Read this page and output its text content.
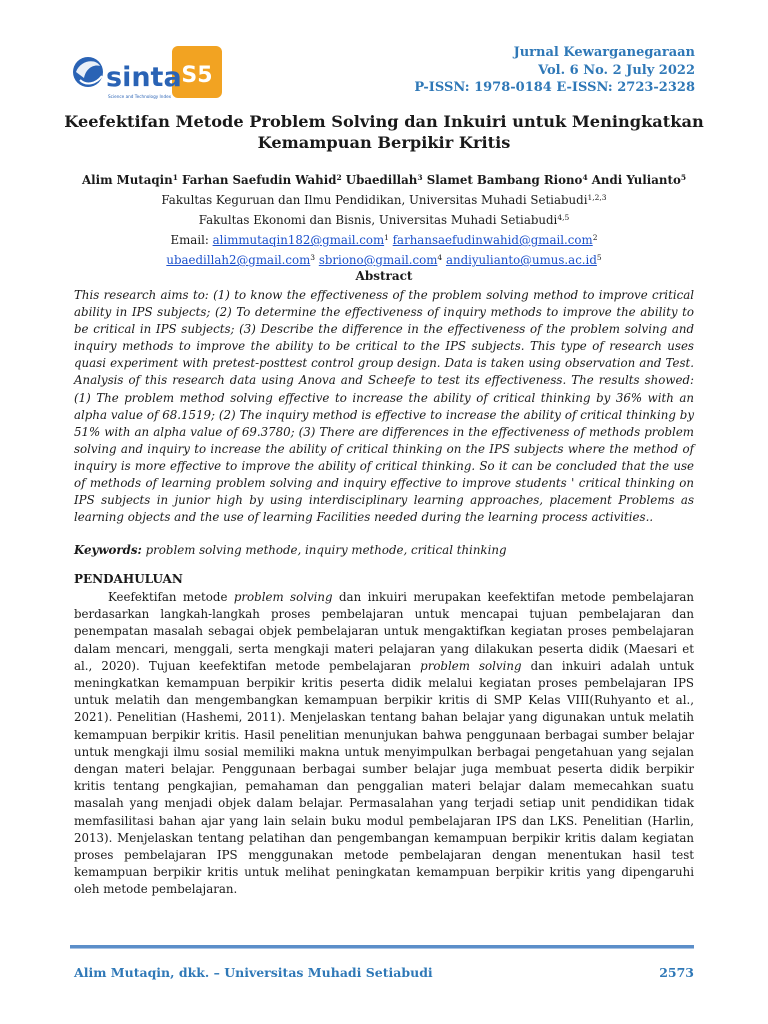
S5
sinta
Science and Technology Index
Jurnal Kewarganegaraan
Vol. 6 No. 2 July 2022
P-ISSN: 1978-0184 E-ISSN: 2723-2328
Keefektifan Metode Problem Solving dan Inkuiri untuk Meningkatkan Kemampuan Berpikir Kritis
Alim Mutaqin$^1$ Farhan Saefudin Wahid$^2$ Ubaedillah$^3$ Slamet Bambang Riono$^4$ Andi Yulianto$^5$
Fakultas Keguruan dan Ilmu Pendidikan, Universitas Muhadi Setiabudi$^{1,2,3}$
Fakultas Ekonomi dan Bisnis, Universitas Muhadi Setiabudi$^{4,5}$
Email: alimmutaqin182@gmail.com$^1$ farhansaefudinwahid@gmail.com$^2$
ubaedillah2@gmail.com$^3$ sbriono@gmail.com$^4$ $andiyulianto@umus.ac.id^5$
Abstract
This research aims to: (1) to know the effectiveness of the problem solving method to improve critical ability in IPS subjects; (2) To determine the effectiveness of inquiry methods to improve the ability to be critical in IPS subjects; (3) Describe the difference in the effectiveness of the problem solving and inquiry methods to improve the ability to be critical to the IPS subjects. This type of research uses quasi experiment with pretest-posttest control group design. Data is taken using observation and Test. Analysis of this research data using Anova and Scheefe to test its effectiveness. The results showed: (1) The problem method solving effective to increase the ability of critical thinking by 36% with an alpha value of 68.1519; (2) The inquiry method is effective to increase the ability of critical thinking by 51% with an alpha value of 69.3780; (3) There are differences in the effectiveness of methods problem solving and inquiry to increase the ability of critical thinking on the IPS subjects where the method of inquiry is more effective to improve the ability of critical thinking. So it can be concluded that the use of methods of learning problem solving and inquiry effective to improve students ' critical thinking on IPS subjects in junior high by using interdisciplinary learning approaches, placement Problems as learning objects and the use of learning Facilities needed during the learning process activities..
Keywords: problem solving methode, inquiry methode, critical thinking
PENDAHULUAN
Keefektifan metode problem solving dan inkuiri merupakan keefektifan metode pembelajaran berdasarkan langkah-langkah proses pembelajaran untuk mencapai tujuan pembelajaran dan penempatan masalah sebagai objek pembelajaran untuk mengaktifkan kegiatan proses pembelajaran dalam mencari, menggali, serta mengkaji materi pelajaran yang dilakukan peserta didik (Maesari et al., 2020). Tujuan keefektifan metode pembelajaran problem solving dan inkuiri adalah untuk meningkatkan kemampuan berpikir kritis peserta didik melalui kegiatan proses pembelajaran IPS untuk melatih dan mengembangkan kemampuan berpikir kritis di SMP Kelas VIII(Ruhyanto et al., 2021). Penelitian (Hashemi, 2011). Menjelaskan tentang bahan belajar yang digunakan untuk melatih kemampuan berpikir kritis. Hasil penelitian menunjukan bahwa penggunaan berbagai sumber belajar untuk mengkaji ilmu sosial memiliki makna untuk menyimpulkan berbagai pengetahuan yang sejalan dengan materi belajar. Penggunaan berbagai sumber belajar juga membuat peserta didik berpikir kritis tentang pengkajian, pemahaman dan penggalian materi belajar dalam memecahkan suatu masalah yang menjadi objek dalam belajar. Permasalahan yang terjadi setiap unit pendidikan tidak memfasilitasi bahan ajar yang lain selain buku modul pembelajaran IPS dan LKS. Penelitian (Harlin, 2013). Menjelaskan tentang pelatihan dan pengembangan kemampuan berpikir kritis dalam kegiatan proses pembelajaran IPS menggunakan metode pembelajaran dengan menentukan hasil test kemampuan berpikir kritis untuk melihat peningkatan kemampuan berpikir kritis yang dipengaruhi oleh metode pembelajaran.
Alim Mutaqin, dkk. – Universitas Muhadi Setiabudi	2573
